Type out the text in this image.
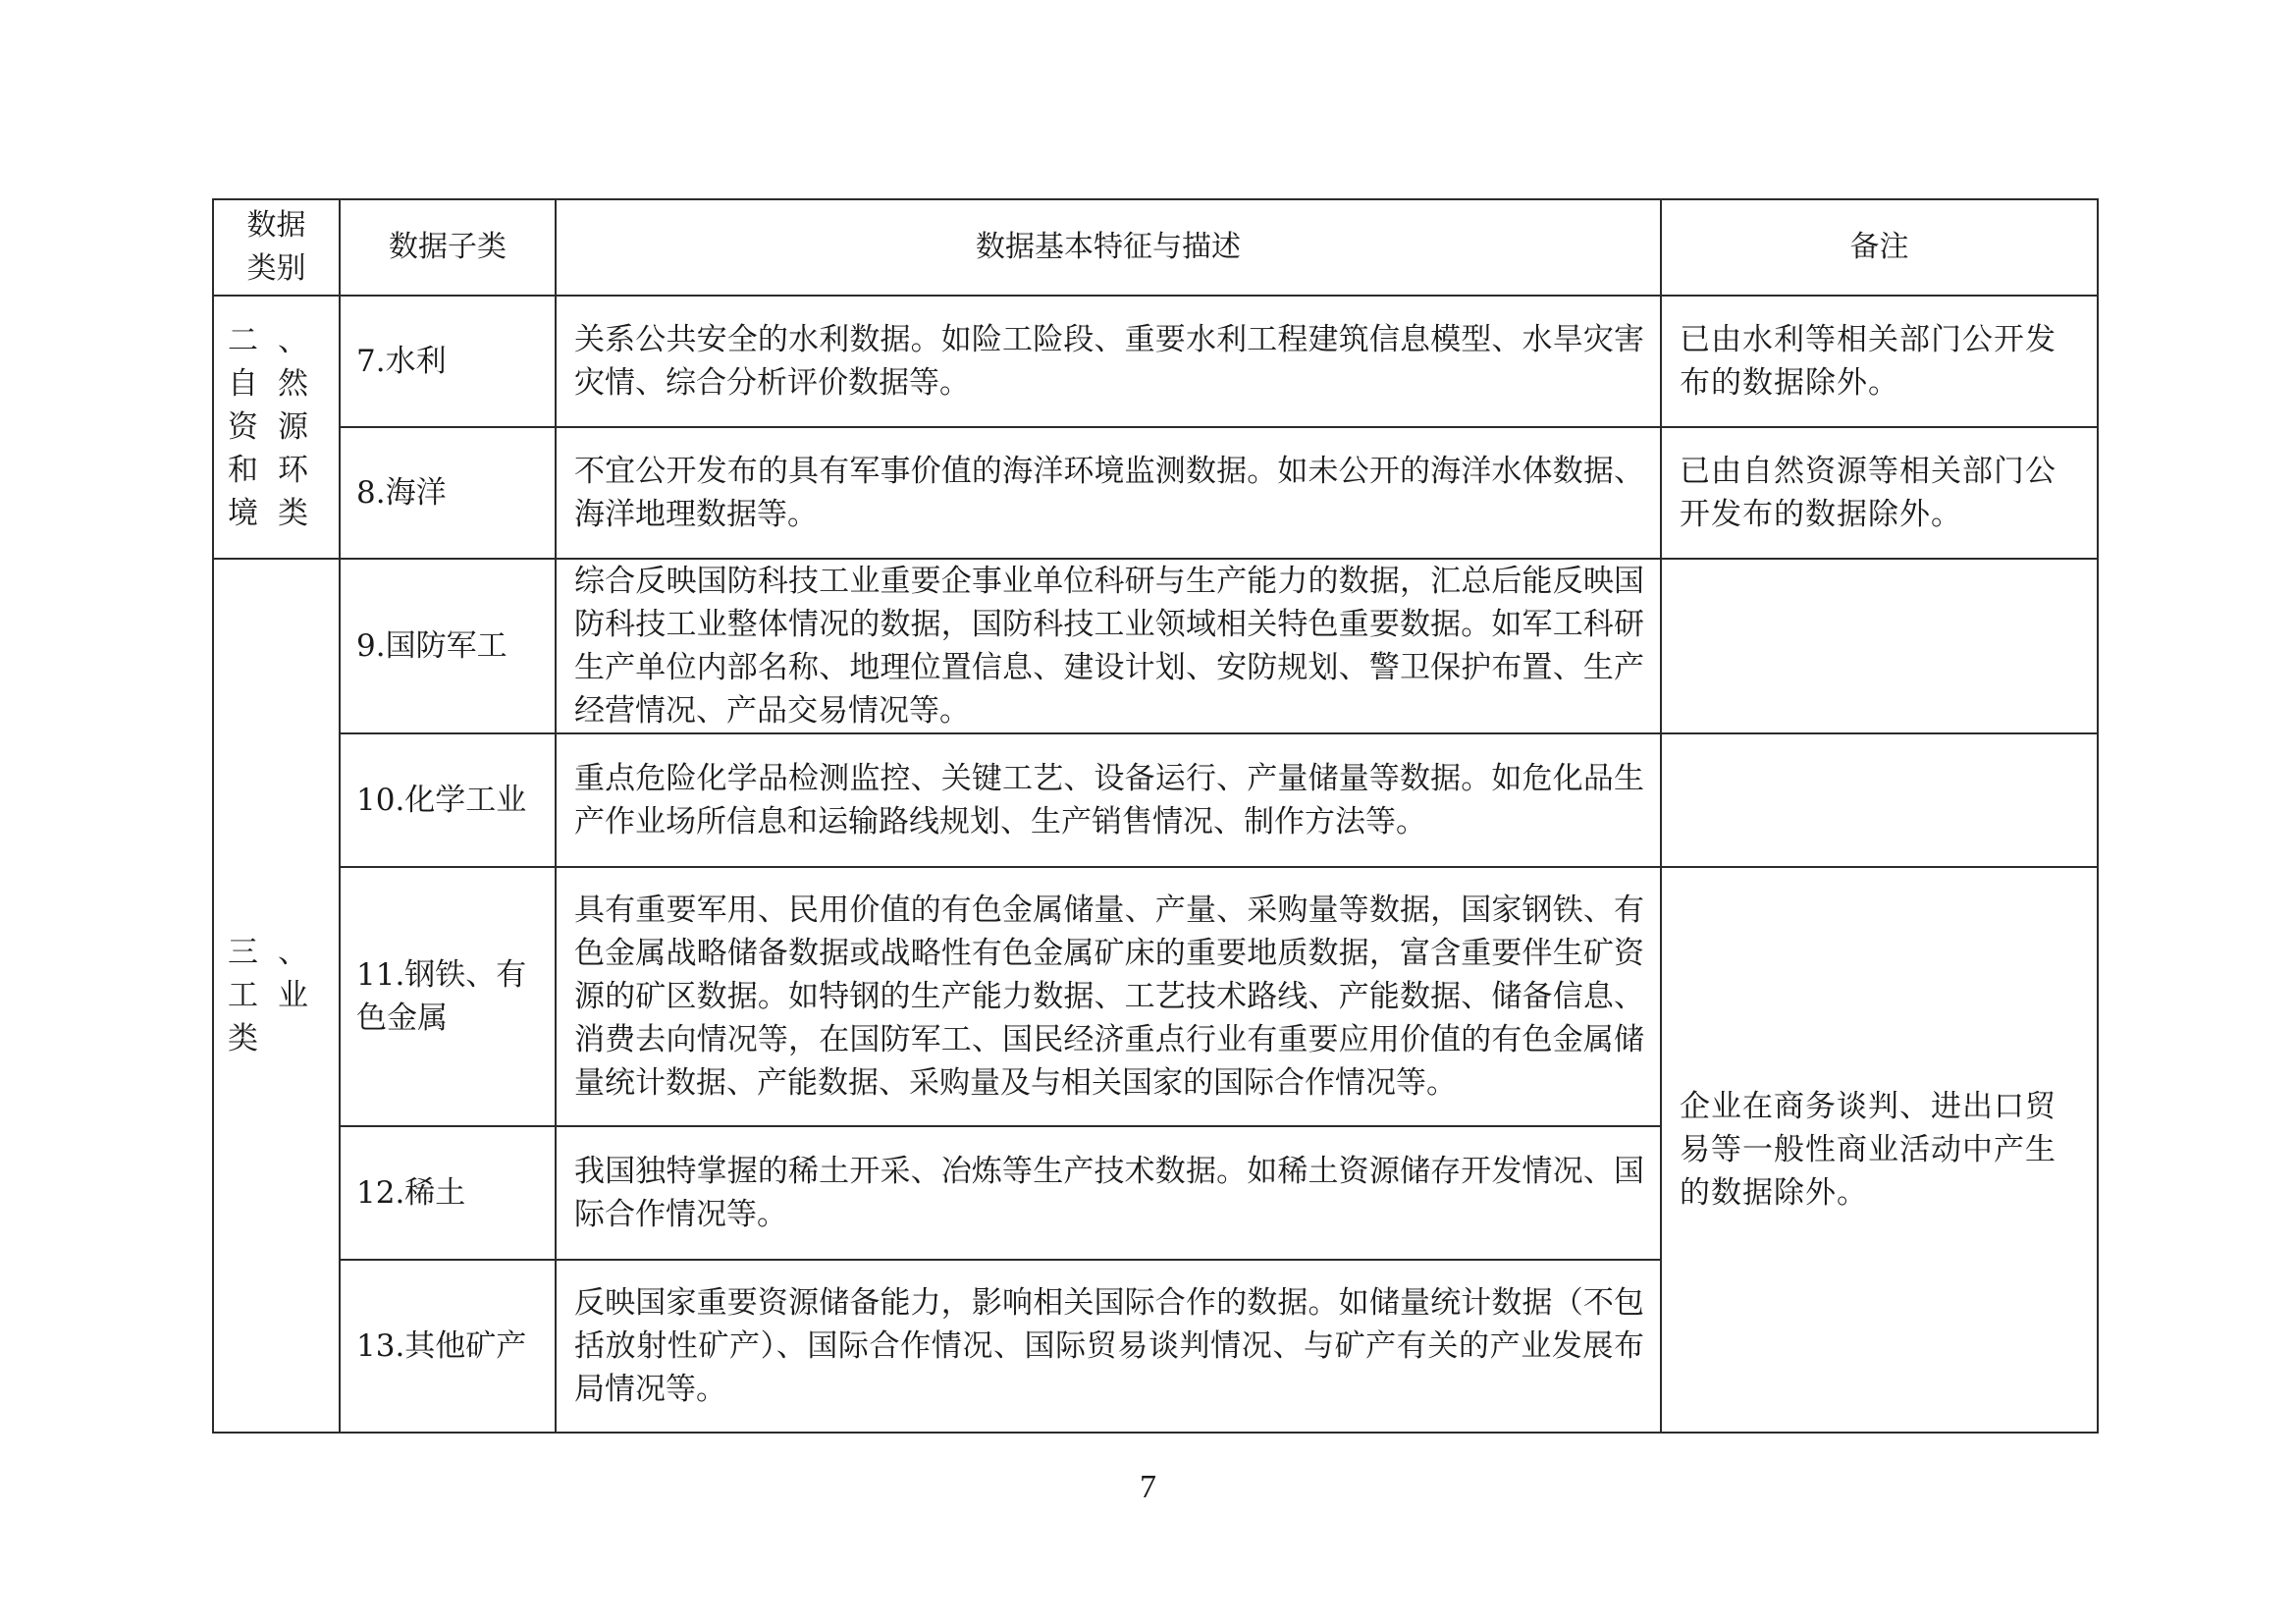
数据类别	数据子类	数据基本特征与描述	备注

二、自然资源和环境类	7.水利	关系公共安全的水利数据。如险工险段、重要水利工程建筑信息模型、水旱灾害灾情、综合分析评价数据等。	已由水利等相关部门公开发布的数据除外。
	8.海洋	不宜公开发布的具有军事价值的海洋环境监测数据。如未公开的海洋水体数据、海洋地理数据等。	已由自然资源等相关部门公开发布的数据除外。

三、工业类	9.国防军工	综合反映国防科技工业重要企事业单位科研与生产能力的数据，汇总后能反映国防科技工业整体情况的数据，国防科技工业领域相关特色重要数据。如军工科研生产单位内部名称、地理位置信息、建设计划、安防规划、警卫保护布置、生产经营情况、产品交易情况等。	
	10.化学工业	重点危险化学品检测监控、关键工艺、设备运行、产量储量等数据。如危化品生产作业场所信息和运输路线规划、生产销售情况、制作方法等。	
	11.钢铁、有色金属	具有重要军用、民用价值的有色金属储量、产量、采购量等数据，国家钢铁、有色金属战略储备数据或战略性有色金属矿床的重要地质数据，富含重要伴生矿资源的矿区数据。如特钢的生产能力数据、工艺技术路线、产能数据、储备信息、消费去向情况等，在国防军工、国民经济重点行业有重要应用价值的有色金属储量统计数据、产能数据、采购量及与相关国家的国际合作情况等。	企业在商务谈判、进出口贸易等一般性商业活动中产生的数据除外。
	12.稀土	我国独特掌握的稀土开采、冶炼等生产技术数据。如稀土资源储存开发情况、国际合作情况等。	
	13.其他矿产	反映国家重要资源储备能力，影响相关国际合作的数据。如储量统计数据（不包括放射性矿产）、国际合作情况、国际贸易谈判情况、与矿产有关的产业发展布局情况等。	
7
